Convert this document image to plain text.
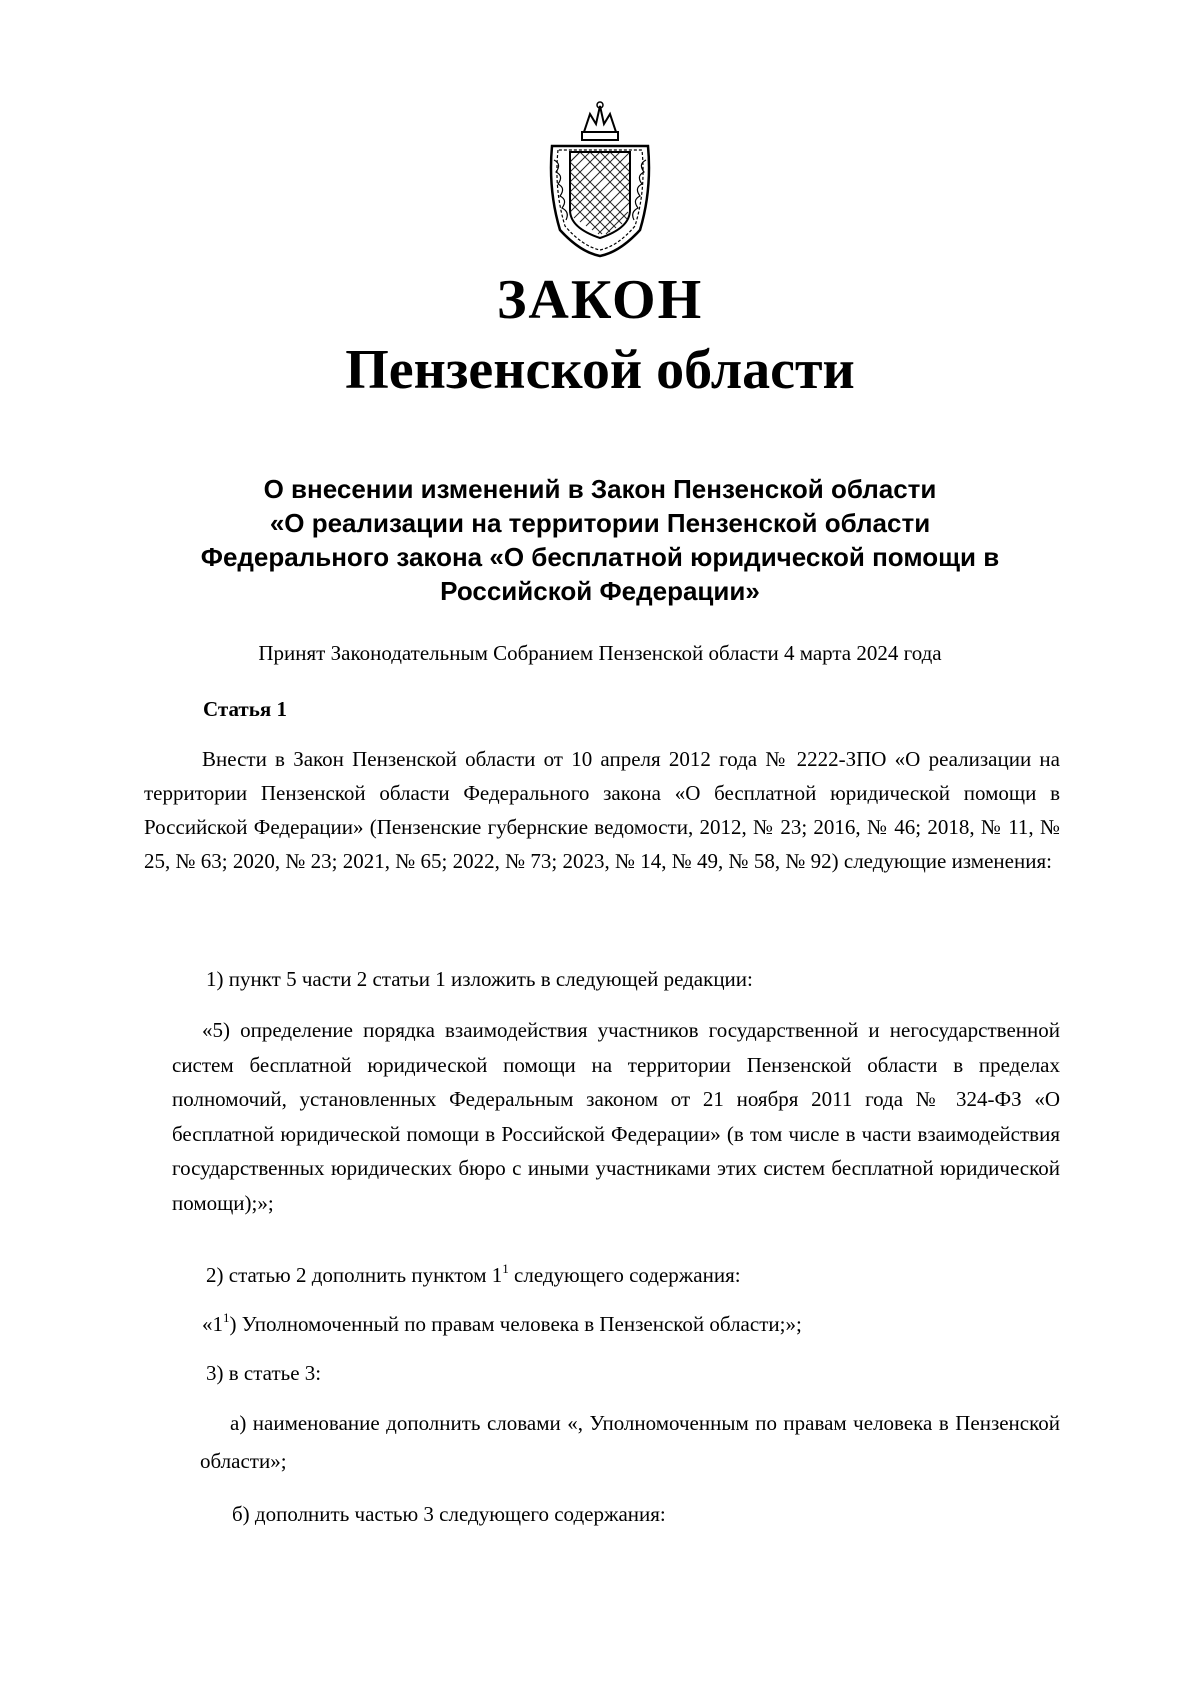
ЗАКОН
Пензенской области
О внесении изменений в Закон Пензенской области
«О реализации на территории Пензенской области
Федерального закона «О бесплатной юридической помощи в
Российской Федерации»
Принят Законодательным Собранием Пензенской области 4 марта 2024 года
Статья 1
Внести в Закон Пензенской области от 10 апреля 2012 года № 2222-ЗПО «О реализации на территории Пензенской области Федерального закона «О бесплатной юридической помощи в Российской Федерации» (Пензенские губернские ведомости, 2012, № 23; 2016, № 46; 2018, № 11, № 25, № 63; 2020, № 23; 2021, № 65; 2022, № 73; 2023, № 14, № 49, № 58, № 92) следующие изменения:
1) пункт 5 части 2 статьи 1 изложить в следующей редакции:
«5) определение порядка взаимодействия участников государственной и негосударственной систем бесплатной юридической помощи на территории Пензенской области в пределах полномочий, установленных Федеральным законом от 21 ноября 2011 года № 324-ФЗ «О бесплатной юридической помощи в Российской Федерации» (в том числе в части взаимодействия государственных юридических бюро с иными участниками этих систем бесплатной юридической помощи);»;
2) статью 2 дополнить пунктом $1^1$ следующего содержания:
«$1^1$) Уполномоченный по правам человека в Пензенской области;»;
3) в статье 3:
а) наименование дополнить словами «, Уполномоченным по правам человека в Пензенской области»;
б) дополнить частью 3 следующего содержания:
